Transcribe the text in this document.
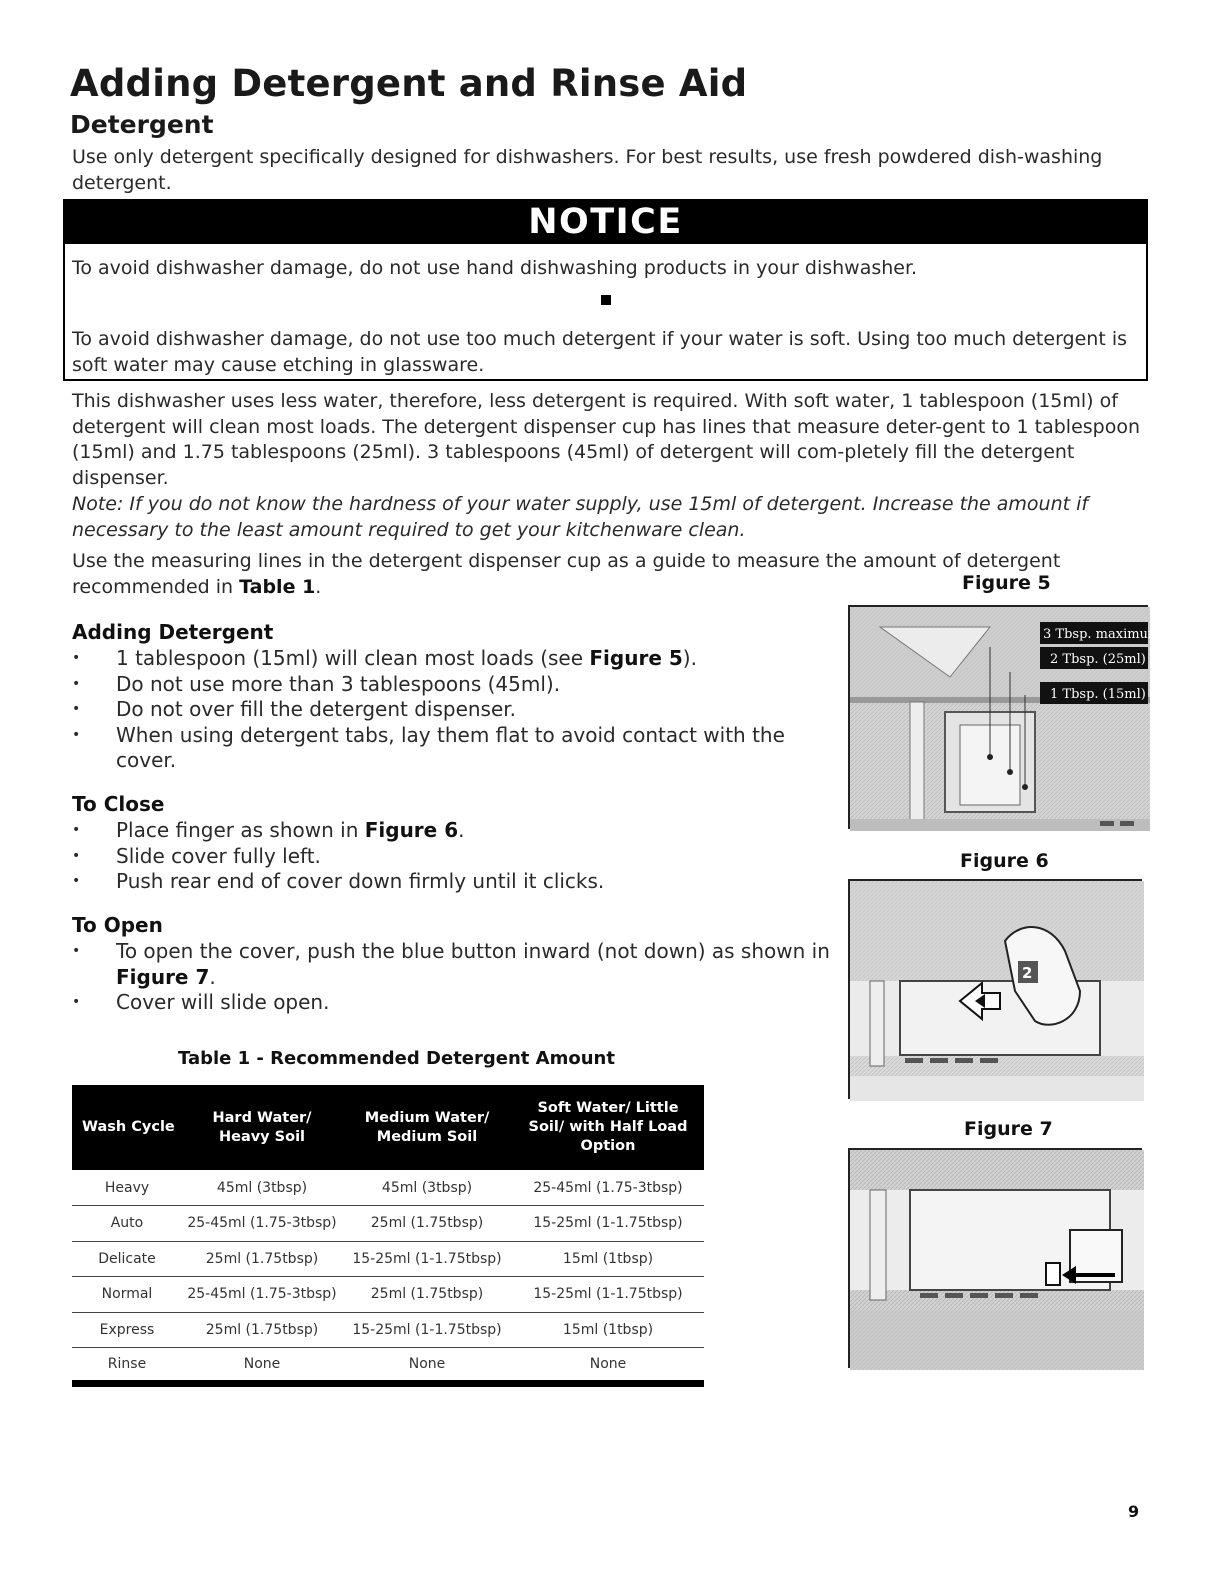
Adding Detergent and Rinse Aid
Detergent
Use only detergent specifically designed for dishwashers. For best results, use fresh powdered dish-washing detergent.
NOTICE
To avoid dishwasher damage, do not use hand dishwashing products in your dishwasher.
To avoid dishwasher damage, do not use too much detergent if your water is soft. Using too much detergent is soft water may cause etching in glassware.
This dishwasher uses less water, therefore, less detergent is required. With soft water, 1 tablespoon (15ml) of detergent will clean most loads. The detergent dispenser cup has lines that measure deter-gent to 1 tablespoon (15ml) and 1.75 tablespoons (25ml). 3 tablespoons (45ml) of detergent will com-pletely fill the detergent dispenser.
Note: If you do not know the hardness of your water supply, use 15ml of detergent. Increase the amount if necessary to the least amount required to get your kitchenware clean.
Use the measuring lines in the detergent dispenser cup as a guide to measure the amount of detergent recommended in Table 1.	Figure 5
3 Tbsp. maximum
2 Tbsp. (25ml)
1 Tbsp. (15ml)
Figure 6
2
Figure 7
Adding Detergent
• 1 tablespoon (15ml) will clean most loads (see Figure 5).
• Do not use more than 3 tablespoons (45ml).
• Do not over fill the detergent dispenser.
• When using detergent tabs, lay them flat to avoid contact with the cover.
To Close
• Place finger as shown in Figure 6.
• Slide cover fully left.
• Push rear end of cover down firmly until it clicks.
To Open
• To open the cover, push the blue button inward (not down) as shown in Figure 7.
• Cover will slide open.
Table 1 - Recommended Detergent Amount
Wash Cycle	Hard Water/ Heavy Soil	Medium Water/ Medium Soil	Soft Water/ Little Soil/ with Half Load Option
Heavy	45ml (3tbsp)	45ml (3tbsp)	25-45ml (1.75-3tbsp)
Auto	25-45ml (1.75-3tbsp)	25ml (1.75tbsp)	15-25ml (1-1.75tbsp)
Delicate	25ml (1.75tbsp)	15-25ml (1-1.75tbsp)	15ml (1tbsp)
Normal	25-45ml (1.75-3tbsp)	25ml (1.75tbsp)	15-25ml (1-1.75tbsp)
Express	25ml (1.75tbsp)	15-25ml (1-1.75tbsp)	15ml (1tbsp)
Rinse	None	None	None
9
